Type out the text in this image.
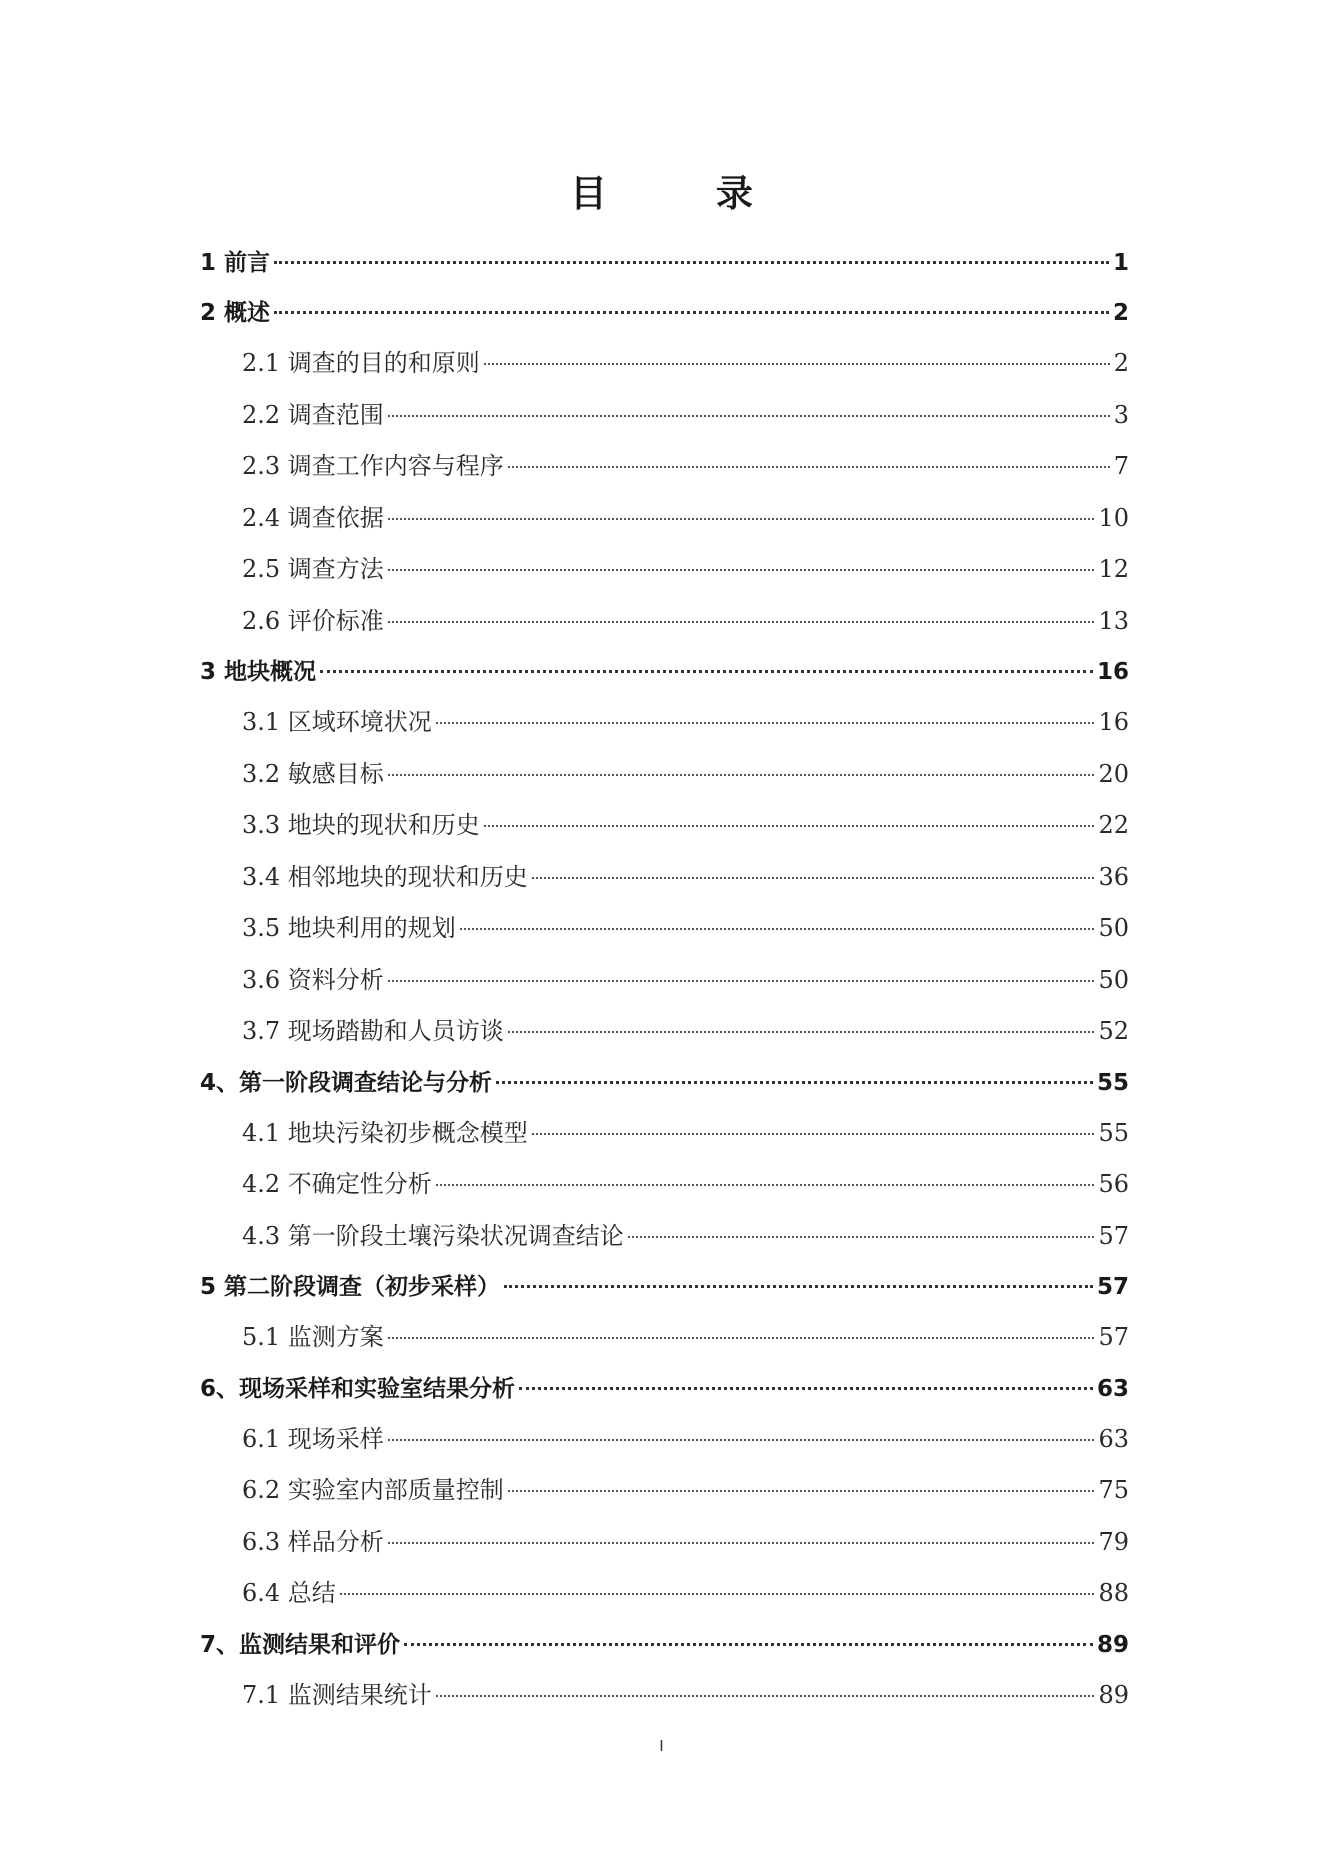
目 录
1 前言	1
2 概述	2
2.1 调查的目的和原则	2
2.2 调查范围	3
2.3 调查工作内容与程序	7
2.4 调查依据	10
2.5 调查方法	12
2.6 评价标准	13
3 地块概况	16
3.1 区域环境状况	16
3.2 敏感目标	20
3.3 地块的现状和历史	22
3.4 相邻地块的现状和历史	36
3.5 地块利用的规划	50
3.6 资料分析	50
3.7 现场踏勘和人员访谈	52
4、第一阶段调查结论与分析	55
4.1 地块污染初步概念模型	55
4.2 不确定性分析	56
4.3 第一阶段土壤污染状况调查结论	57
5 第二阶段调查（初步采样）	57
5.1 监测方案	57
6、现场采样和实验室结果分析	63
6.1 现场采样	63
6.2 实验室内部质量控制	75
6.3 样品分析	79
6.4 总结	88
7、监测结果和评价	89
7.1 监测结果统计	89
I
